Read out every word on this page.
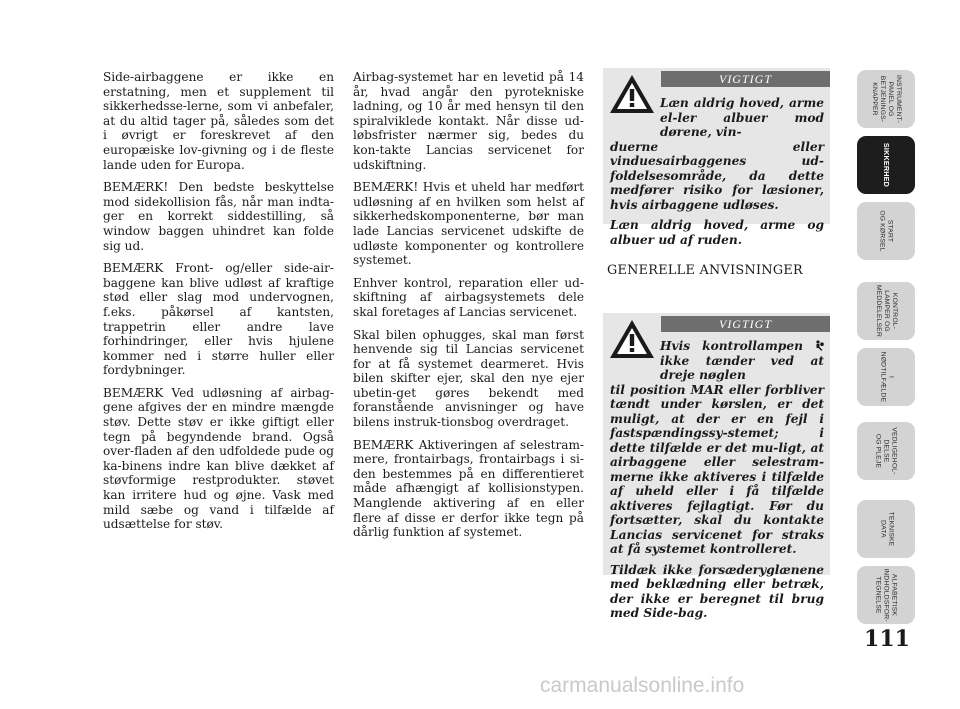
Side-airbaggene er ikke en erstatning, men et supplement til sikkerhedsse-lerne, som vi anbefaler, at du altid tager på, således som det i øvrigt er foreskrevet af den europæiske lov-givning og i de fleste lande uden for Europa.

BEMÆRK! Den bedste beskyttelse mod sidekollision fås, når man indta-ger en korrekt siddestilling, så window baggen uhindret kan folde sig ud.

BEMÆRK Front- og/eller side-air-baggene kan blive udløst af kraftige stød eller slag mod undervognen, f.eks. påkørsel af kantsten, trappetrin eller andre lave forhindringer, eller hvis hjulene kommer ned i større huller eller fordybninger.

BEMÆRK Ved udløsning af airbag-gene afgives der en mindre mængde støv. Dette støv er ikke giftigt eller tegn på begyndende brand. Også over-fladen af den udfoldede pude og ka-binens indre kan blive dækket af støvformige restprodukter. støvet kan irritere hud og øjne. Vask med mild sæbe og vand i tilfælde af udsættelse for støv.

Airbag-systemet har en levetid på 14 år, hvad angår den pyrotekniske ladning, og 10 år med hensyn til den spiralviklede kontakt. Når disse ud-løbsfrister nærmer sig, bedes du kon-takte Lancias servicenet for udskiftning.

BEMÆRK! Hvis et uheld har medført udløsning af en hvilken som helst af sikkerhedskomponenterne, bør man lade Lancias servicenet udskifte de udløste komponenter og kontrollere systemet.

Enhver kontrol, reparation eller ud-skiftning af airbagsystemets dele skal foretages af Lancias servicenet.

Skal bilen ophugges, skal man først henvende sig til Lancias servicenet for at få systemet dearmeret. Hvis bilen skifter ejer, skal den nye ejer ubetin-get gøres bekendt med foranstående anvisninger og have bilens instruk-tionsbog overdraget.

BEMÆRK Aktiveringen af selestram-mere, frontairbags, frontairbags i si-den bestemmes på en differentieret måde afhængigt af kollisionstypen. Manglende aktivering af en eller flere af disse er derfor ikke tegn på dårlig funktion af systemet.

VIGTIGT
Læn aldrig hoved, arme el-ler albuer mod dørene, vin-

duerne eller vinduesairbaggenes ud-foldelsesområde, da dette medfører risiko for læsioner, hvis airbaggene udløses.

Læn aldrig hoved, arme og albuer ud af ruden.

GENERELLE ANVISNINGER
VIGTIGT
Hvis kontrollampen  ikke tænder ved at dreje nøglen

til position MAR eller forbliver tændt under kørslen, er det muligt, at der er en fejl i fastspændingssy-stemet; i dette tilfælde er det mu-ligt, at airbaggene eller selestram-merne ikke aktiveres i tilfælde af uheld eller i få tilfælde aktiveres fejlagtigt. Før du fortsætter, skal du kontakte Lancias servicenet for straks at få systemet kontrolleret.

Tildæk ikke forsæderyglænene med beklædning eller betræk, der ikke er beregnet til brug med Side-bag.

INSTRUMENT-
PANEL OG
BETJENINGS-
KNAPPER
SIKKERHED
START
OG KØRSEL
KONTROL-
LAMPER OG
MEDDELELSER
I
NØDTILFÆLDE
VEDLIGEHOL-
DELSE
OG PLEJE
TEKNISKE
DATA
ALFABETISK
INDHOLDSFOR-
TEGNELSE
111
carmanualsonline.info
